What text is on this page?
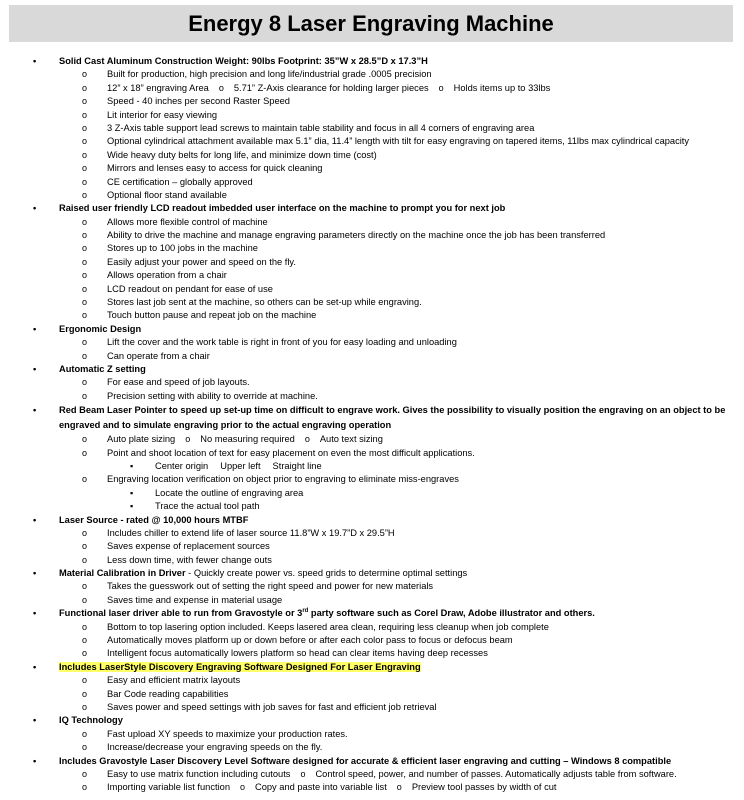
Energy 8 Laser Engraving Machine
• Solid Cast Aluminum Construction Weight: 90lbs Footprint: 35”W x 28.5”D x 17.3”H
o Built for production, high precision and long life/industrial grade .0005 precision
o 12” x 18” engraving Area o 5.71” Z-Axis clearance for holding larger pieces o Holds items up to 33lbs
o Speed - 40 inches per second Raster Speed
o Lit interior for easy viewing
o 3 Z-Axis table support lead screws to maintain table stability and focus in all 4 corners of engraving area
o Optional cylindrical attachment available max 5.1” dia, 11.4” length with tilt for easy engraving on tapered items, 11lbs max cylindrical capacity
o Wide heavy duty belts for long life, and minimize down time (cost)
o Mirrors and lenses easy to access for quick cleaning
o CE certification – globally approved
o Optional floor stand available
• Raised user friendly LCD readout imbedded user interface on the machine to prompt you for next job
o Allows more flexible control of machine
o Ability to drive the machine and manage engraving parameters directly on the machine once the job has been transferred
o Stores up to 100 jobs in the machine
o Easily adjust your power and speed on the fly.
o Allows operation from a chair
o LCD readout on pendant for ease of use
o Stores last job sent at the machine, so others can be set-up while engraving.
o Touch button pause and repeat job on the machine
• Ergonomic Design
o Lift the cover and the work table is right in front of you for easy loading and unloading
o Can operate from a chair
• Automatic Z setting
o For ease and speed of job layouts.
o Precision setting with ability to override at machine.
• Red Beam Laser Pointer to speed up set-up time on difficult to engrave work. Gives the possibility to visually position the engraving on an object to be engraved and to simulate engraving prior to the actual engraving operation
o Auto plate sizing o No measuring required o Auto text sizing
o Point and shoot location of text for easy placement on even the most difficult applications.
▪ Center origin Upper left Straight line
o Engraving location verification on object prior to engraving to eliminate miss-engraves
▪ Locate the outline of engraving area
▪ Trace the actual tool path
• Laser Source - rated @ 10,000 hours MTBF
o Includes chiller to extend life of laser source 11.8”W x 19.7”D x 29.5”H
o Saves expense of replacement sources
o Less down time, with fewer change outs
• Material Calibration in Driver - Quickly create power vs. speed grids to determine optimal settings
o Takes the guesswork out of setting the right speed and power for new materials
o Saves time and expense in material usage
• Functional laser driver able to run from Gravostyle or 3rd party software such as Corel Draw, Adobe illustrator and others.
o Bottom to top lasering option included. Keeps lasered area clean, requiring less cleanup when job complete
o Automatically moves platform up or down before or after each color pass to focus or defocus beam
o Intelligent focus automatically lowers platform so head can clear items having deep recesses
• Includes LaserStyle Discovery Engraving Software Designed For Laser Engraving
o Easy and efficient matrix layouts
o Bar Code reading capabilities
o Saves power and speed settings with job saves for fast and efficient job retrieval
• IQ Technology
o Fast upload XY speeds to maximize your production rates.
o Increase/decrease your engraving speeds on the fly.
• Includes Gravostyle Laser Discovery Level Software designed for accurate & efficient laser engraving and cutting – Windows 8 compatible
o Easy to use matrix function including cutouts o Control speed, power, and number of passes. Automatically adjusts table from software.
o Importing variable list function o Copy and paste into variable list o Preview tool passes by width of cut
